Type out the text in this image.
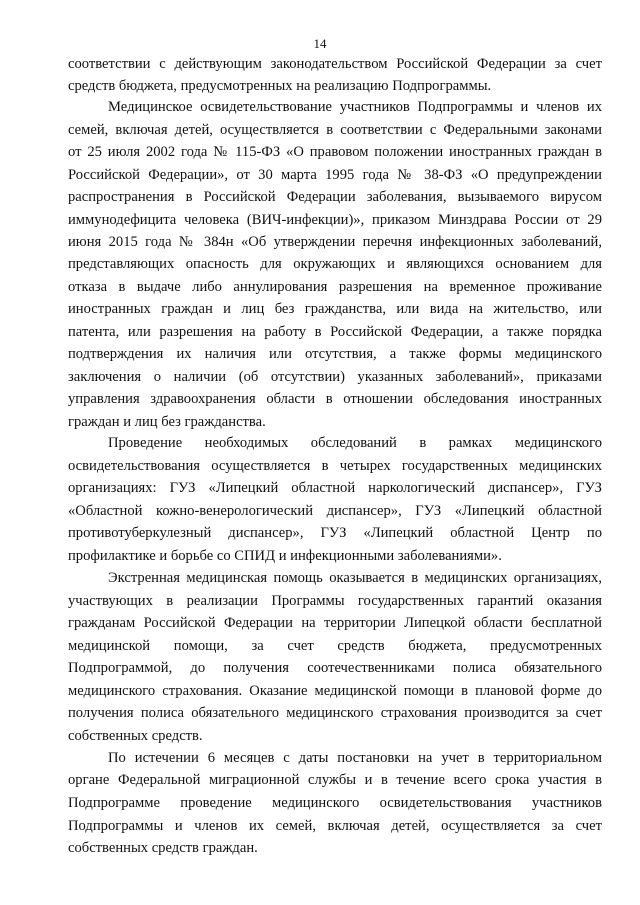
14
соответствии с действующим законодательством Российской Федерации за счет
средств бюджета, предусмотренных на реализацию Подпрограммы.
Медицинское освидетельствование участников Подпрограммы и членов их
семей, включая детей, осуществляется в соответствии с Федеральными законами
от 25 июля 2002 года № 115-ФЗ «О правовом положении иностранных граждан в
Российской Федерации», от 30 марта 1995 года № 38-ФЗ «О предупреждении
распространения в Российской Федерации заболевания, вызываемого вирусом
иммунодефицита человека (ВИЧ-инфекции)», приказом Минздрава России от 29
июня 2015 года № 384н «Об утверждении перечня инфекционных заболеваний,
представляющих опасность для окружающих и являющихся основанием для
отказа в выдаче либо аннулирования разрешения на временное проживание
иностранных граждан и лиц без гражданства, или вида на жительство, или
патента, или разрешения на работу в Российской Федерации, а также порядка
подтверждения их наличия или отсутствия, а также формы медицинского
заключения о наличии (об отсутствии) указанных заболеваний», приказами
управления здравоохранения области в отношении обследования иностранных
граждан и лиц без гражданства.
Проведение необходимых обследований в рамках медицинского
освидетельствования осуществляется в четырех государственных медицинских
организациях: ГУЗ «Липецкий областной наркологический диспансер», ГУЗ
«Областной кожно-венерологический диспансер», ГУЗ «Липецкий областной
противотуберкулезный диспансер», ГУЗ «Липецкий областной Центр по
профилактике и борьбе со СПИД и инфекционными заболеваниями».
Экстренная медицинская помощь оказывается в медицинских организациях,
участвующих в реализации Программы государственных гарантий оказания
гражданам Российской Федерации на территории Липецкой области бесплатной
медицинской помощи, за счет средств бюджета, предусмотренных
Подпрограммой, до получения соотечественниками полиса обязательного
медицинского страхования. Оказание медицинской помощи в плановой форме до
получения полиса обязательного медицинского страхования производится за счет
собственных средств.
По истечении 6 месяцев с даты постановки на учет в территориальном
органе Федеральной миграционной службы и в течение всего срока участия в
Подпрограмме проведение медицинского освидетельствования участников
Подпрограммы и членов их семей, включая детей, осуществляется за счет
собственных средств граждан.
